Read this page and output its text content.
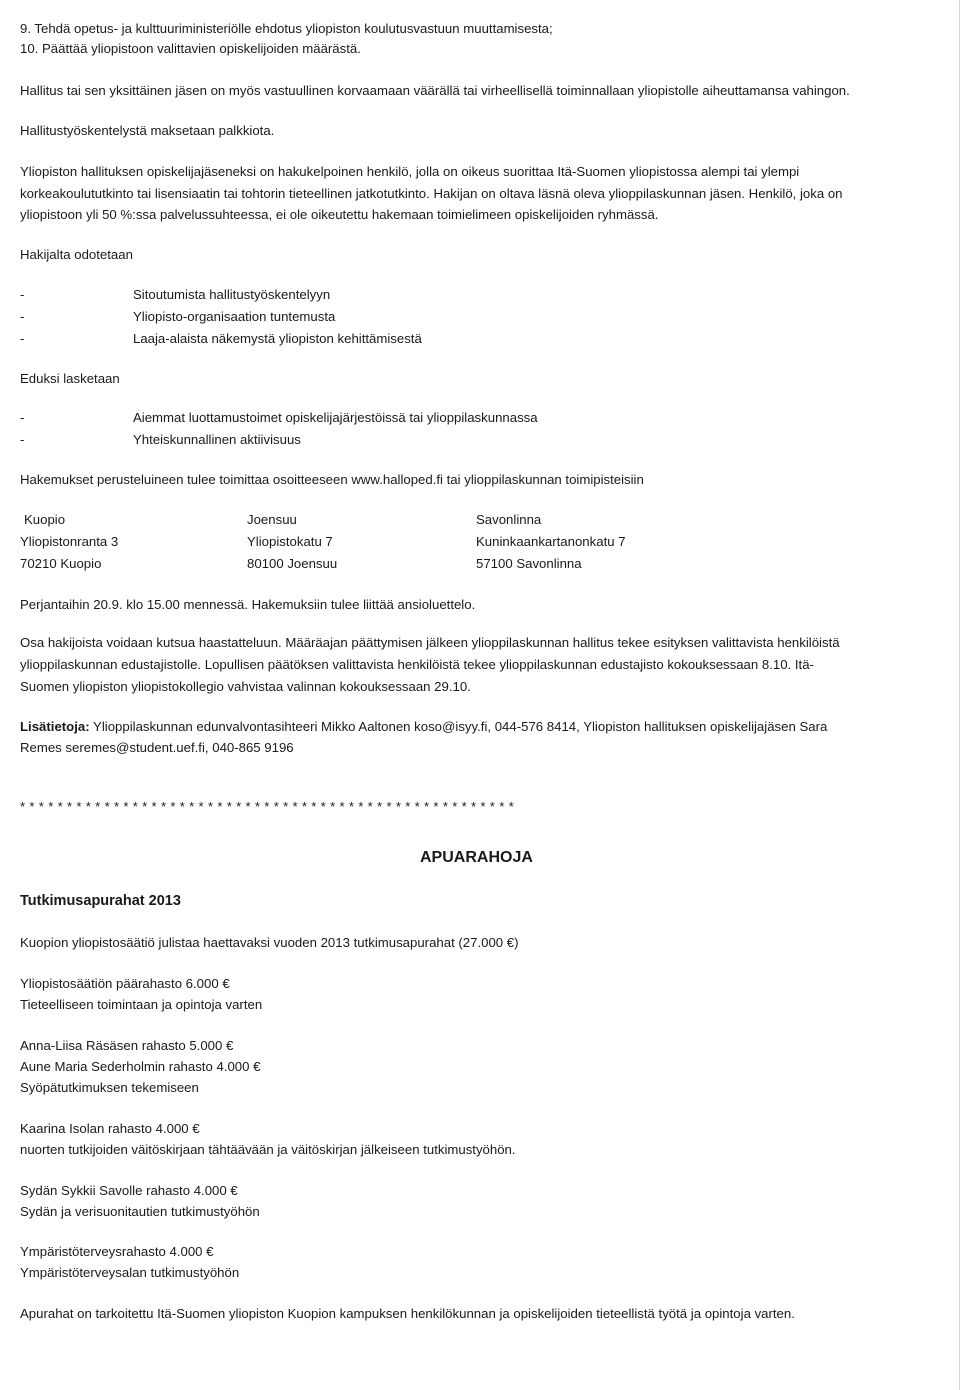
9. Tehdä opetus- ja kulttuuriministeriölle ehdotus yliopiston koulutusvastuun muuttamisesta;
10. Päättää yliopistoon valittavien opiskelijoiden määrästä.
Hallitus tai sen yksittäinen jäsen on myös vastuullinen korvaamaan väärällä tai virheellisellä toiminnallaan yliopistolle aiheuttamansa vahingon.
Hallitustyöskentelystä maksetaan palkkiota.
Yliopiston hallituksen opiskelijajäseneksi on hakukelpoinen henkilö, jolla on oikeus suorittaa Itä-Suomen yliopistossa alempi tai ylempi
korkeakoulututkinto tai lisensiaatin tai tohtorin tieteellinen jatkotutkinto. Hakijan on oltava läsnä oleva ylioppilaskunnan jäsen. Henkilö, joka on
yliopistoon yli 50 %:ssa palvelussuhteessa, ei ole oikeutettu hakemaan toimielimeen opiskelijoiden ryhmässä.
Hakijalta odotetaan
-	Sitoutumista hallitustyöskentelyyn
-	Yliopisto-organisaation tuntemusta
-	Laaja-alaista näkemystä yliopiston kehittämisestä
Eduksi lasketaan
-	Aiemmat luottamustoimet opiskelijajärjestöissä tai ylioppilaskunnassa
-	Yhteiskunnallinen aktiivisuus
Hakemukset perusteluineen tulee toimittaa osoitteeseen www.halloped.fi tai ylioppilaskunnan toimipisteisiin
Kuopio	Joensuu	Savonlinna
Yliopistonranta 3	Yliopistokatu 7	Kuninkaankartanonkatu 7
70210 Kuopio	80100 Joensuu	57100 Savonlinna
Perjantaihin 20.9. klo 15.00 mennessä. Hakemuksiin tulee liittää ansioluettelo.
Osa hakijoista voidaan kutsua haastatteluun. Määräajan päättymisen jälkeen ylioppilaskunnan hallitus tekee esityksen valittavista henkilöistä
ylioppilaskunnan edustajistolle. Lopullisen päätöksen valittavista henkilöistä tekee ylioppilaskunnan edustajisto kokouksessaan 8.10. Itä-
Suomen yliopiston yliopistokollegio vahvistaa valinnan kokouksessaan 29.10.
Lisätietoja: Ylioppilaskunnan edunvalvontasihteeri Mikko Aaltonen koso@isyy.fi, 044-576 8414, Yliopiston hallituksen opiskelijajäsen Sara
Remes seremes@student.uef.fi, 040-865 9196
* * * * * * * * * * * * * * * * * * * * * * * * * * * * * * * * * * * * * * * * * * * * * * * * * * * * *
APUARAHOJA
Tutkimusapurahat 2013
Kuopion yliopistosäätiö julistaa haettavaksi vuoden 2013 tutkimusapurahat (27.000 €)
Yliopistosäätiön päärahasto 6.000 €
Tieteelliseen toimintaan ja opintoja varten
Anna-Liisa Räsäsen rahasto 5.000 €
Aune Maria Sederholmin rahasto 4.000 €
Syöpätutkimuksen tekemiseen
Kaarina Isolan rahasto 4.000 €
nuorten tutkijoiden väitöskirjaan tähtäävään ja väitöskirjan jälkeiseen tutkimustyöhön.
Sydän Sykkii Savolle rahasto 4.000 €
Sydän ja verisuonitautien tutkimustyöhön
Ympäristöterveysrahasto 4.000 €
Ympäristöterveysalan tutkimustyöhön
Apurahat on tarkoitettu Itä-Suomen yliopiston Kuopion kampuksen henkilökunnan ja opiskelijoiden tieteellistä työtä ja opintoja varten.
